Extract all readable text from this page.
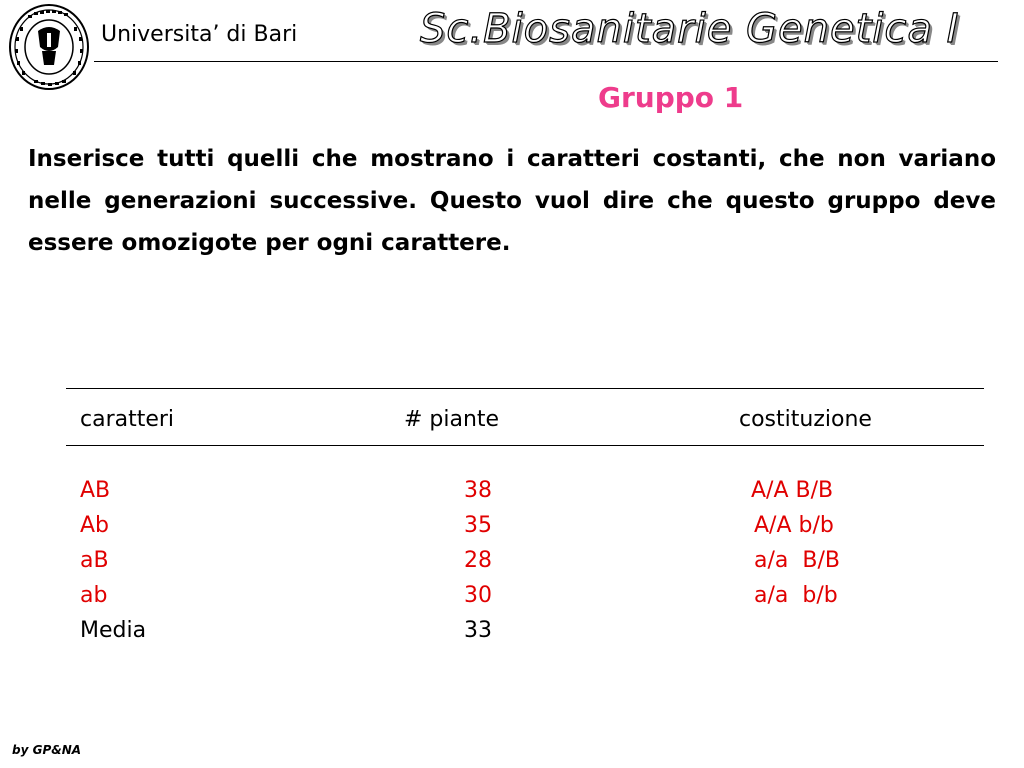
Universita’ di Bari	Sc.Biosanitarie Genetica I
Gruppo 1
Inserisce tutti quelli che mostrano i caratteri costanti, che non variano nelle generazioni successive. Questo vuol dire che questo gruppo deve essere omozigote per ogni carattere.
caratteri	# piante	costituzione
AB	38	A/A B/B
Ab	35	A/A b/b
aB	28	a/a  B/B
ab	30	a/a  b/b
Media	33
by GP&NA
